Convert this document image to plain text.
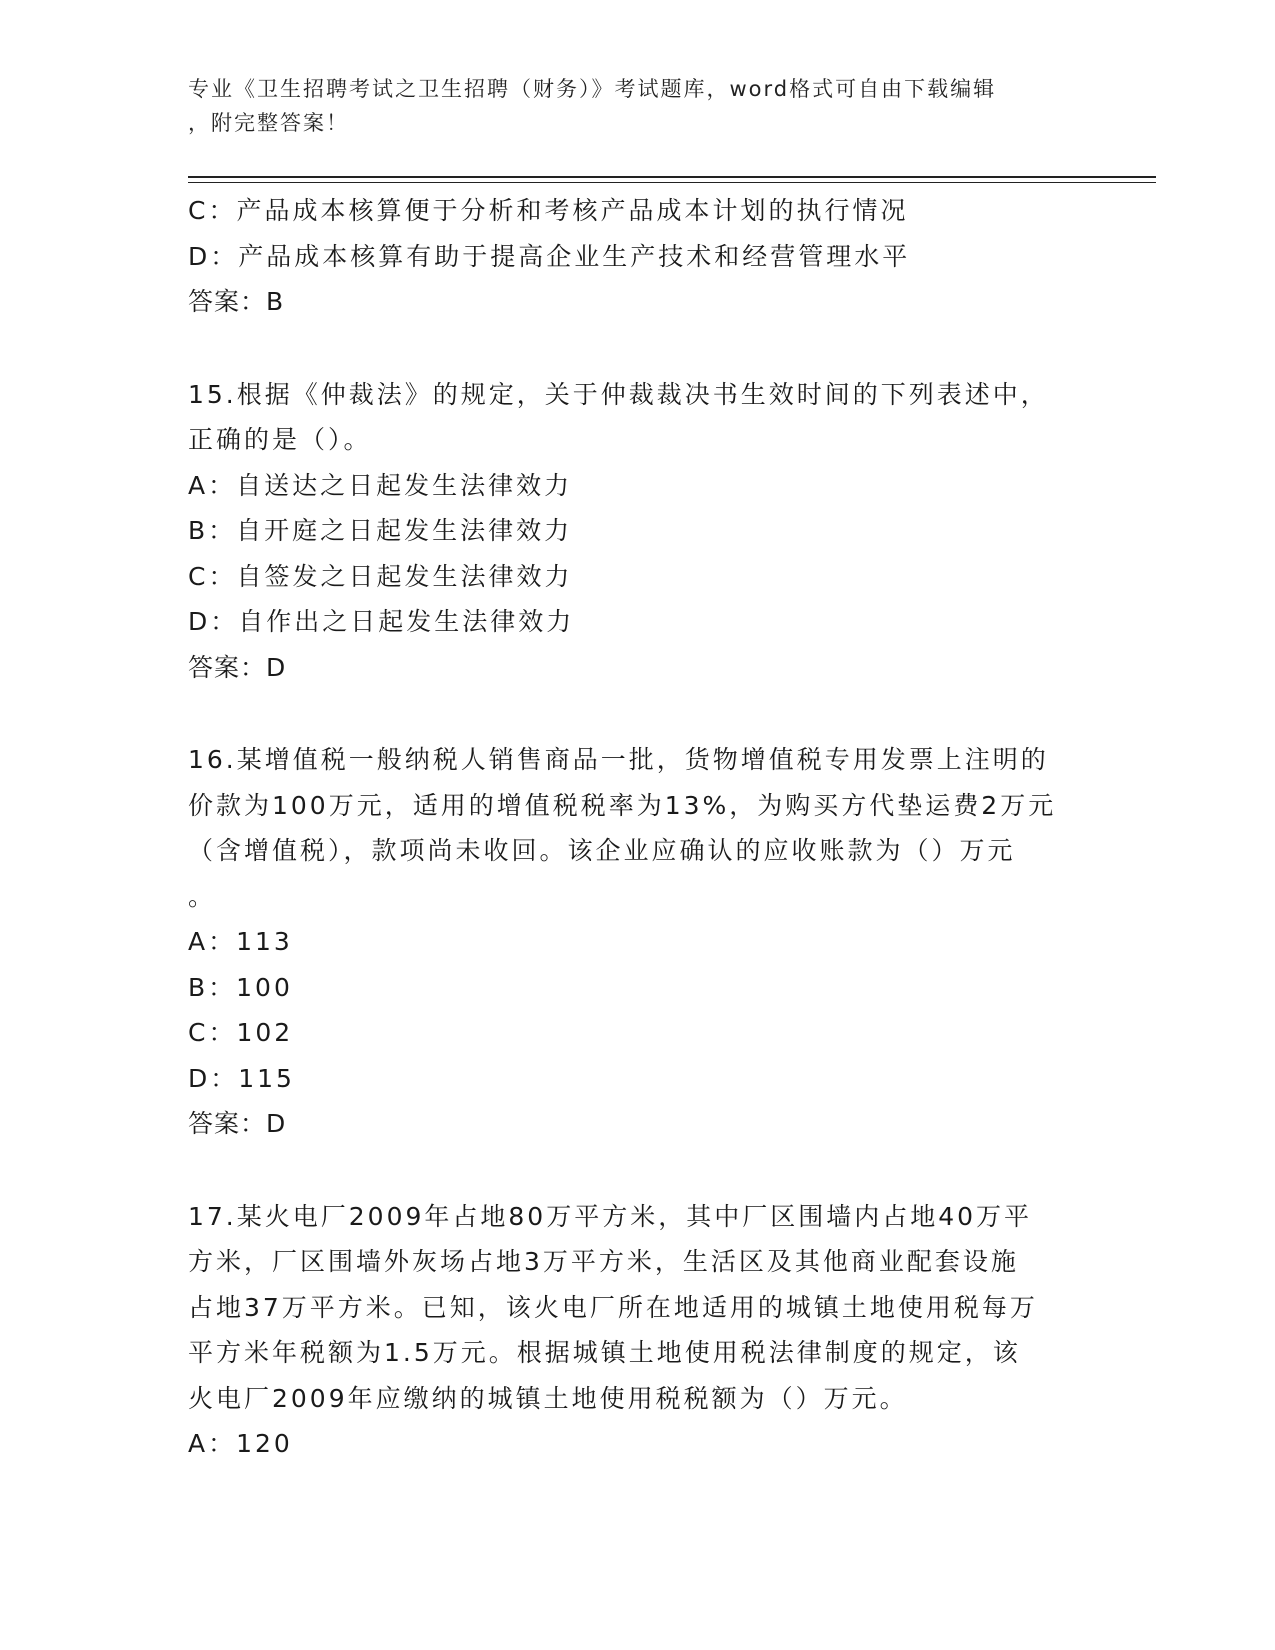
专业《卫生招聘考试之卫生招聘（财务）》考试题库，word格式可自由下载编辑
，附完整答案！
C：产品成本核算便于分析和考核产品成本计划的执行情况
D：产品成本核算有助于提高企业生产技术和经营管理水平
答案：B
15.根据《仲裁法》的规定，关于仲裁裁决书生效时间的下列表述中，
正确的是（）。
A：自送达之日起发生法律效力
B：自开庭之日起发生法律效力
C：自签发之日起发生法律效力
D：自作出之日起发生法律效力
答案：D
16.某增值税一般纳税人销售商品一批，货物增值税专用发票上注明的
价款为100万元，适用的增值税税率为13%，为购买方代垫运费2万元
（含增值税），款项尚未收回。该企业应确认的应收账款为（）万元
。
A：113
B：100
C：102
D：115
答案：D
17.某火电厂2009年占地80万平方米，其中厂区围墙内占地40万平
方米，厂区围墙外灰场占地3万平方米，生活区及其他商业配套设施
占地37万平方米。已知，该火电厂所在地适用的城镇土地使用税每万
平方米年税额为1.5万元。根据城镇土地使用税法律制度的规定，该
火电厂2009年应缴纳的城镇土地使用税税额为（）万元。
A：120
